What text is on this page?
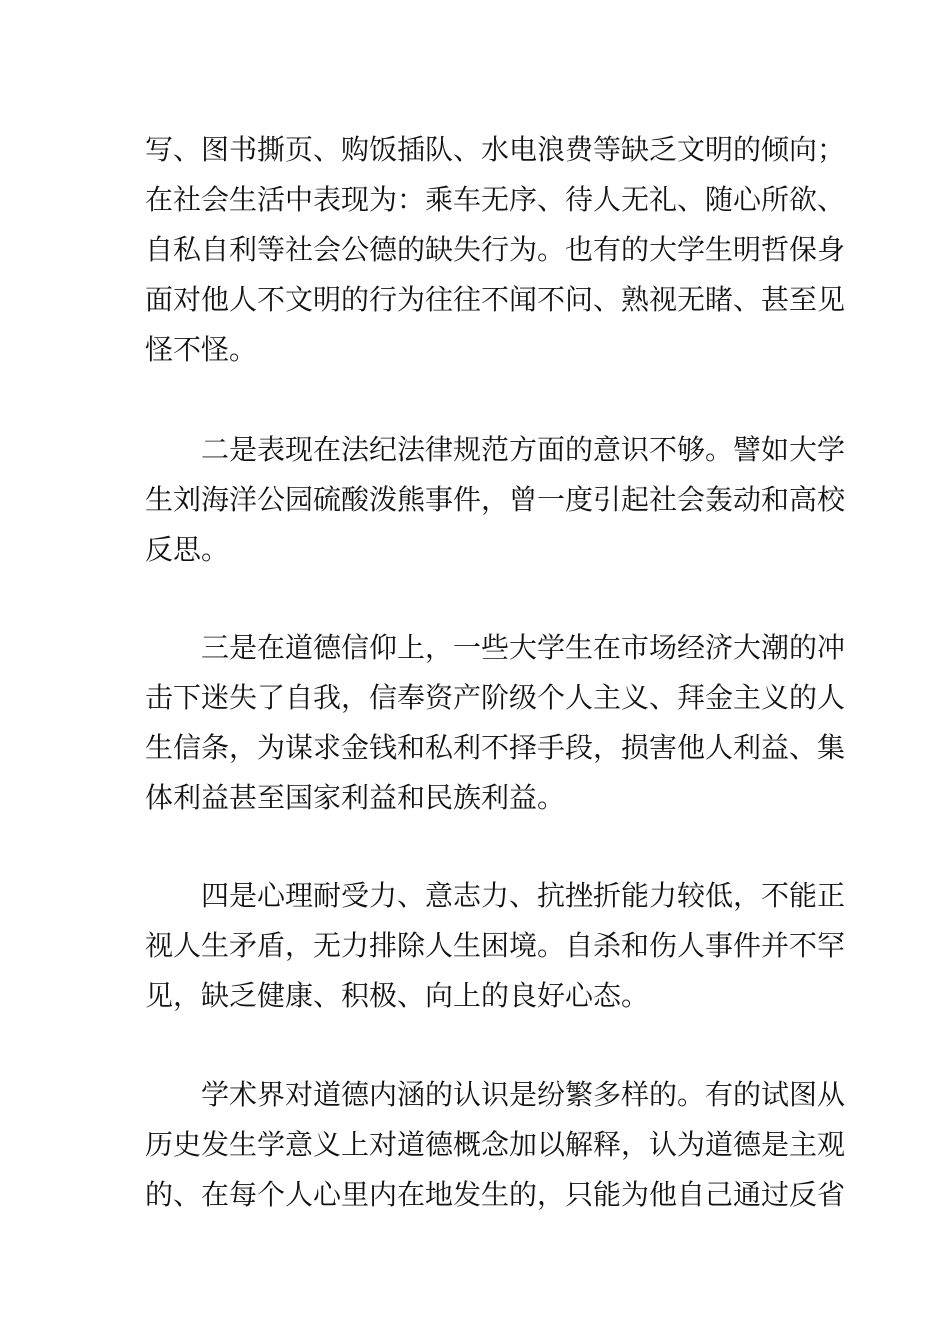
写、图书撕页、购饭插队、水电浪费等缺乏文明的倾向；
在社会生活中表现为：乘车无序、待人无礼、随心所欲、
自私自利等社会公德的缺失行为。也有的大学生明哲保身
面对他人不文明的行为往往不闻不问、熟视无睹、甚至见
怪不怪。
二是表现在法纪法律规范方面的意识不够。譬如大学
生刘海洋公园硫酸泼熊事件，曾一度引起社会轰动和高校
反思。
三是在道德信仰上，一些大学生在市场经济大潮的冲
击下迷失了自我，信奉资产阶级个人主义、拜金主义的人
生信条，为谋求金钱和私利不择手段，损害他人利益、集
体利益甚至国家利益和民族利益。
四是心理耐受力、意志力、抗挫折能力较低，不能正
视人生矛盾，无力排除人生困境。自杀和伤人事件并不罕
见，缺乏健康、积极、向上的良好心态。
学术界对道德内涵的认识是纷繁多样的。有的试图从
历史发生学意义上对道德概念加以解释，认为道德是主观
的、在每个人心里内在地发生的，只能为他自己通过反省
